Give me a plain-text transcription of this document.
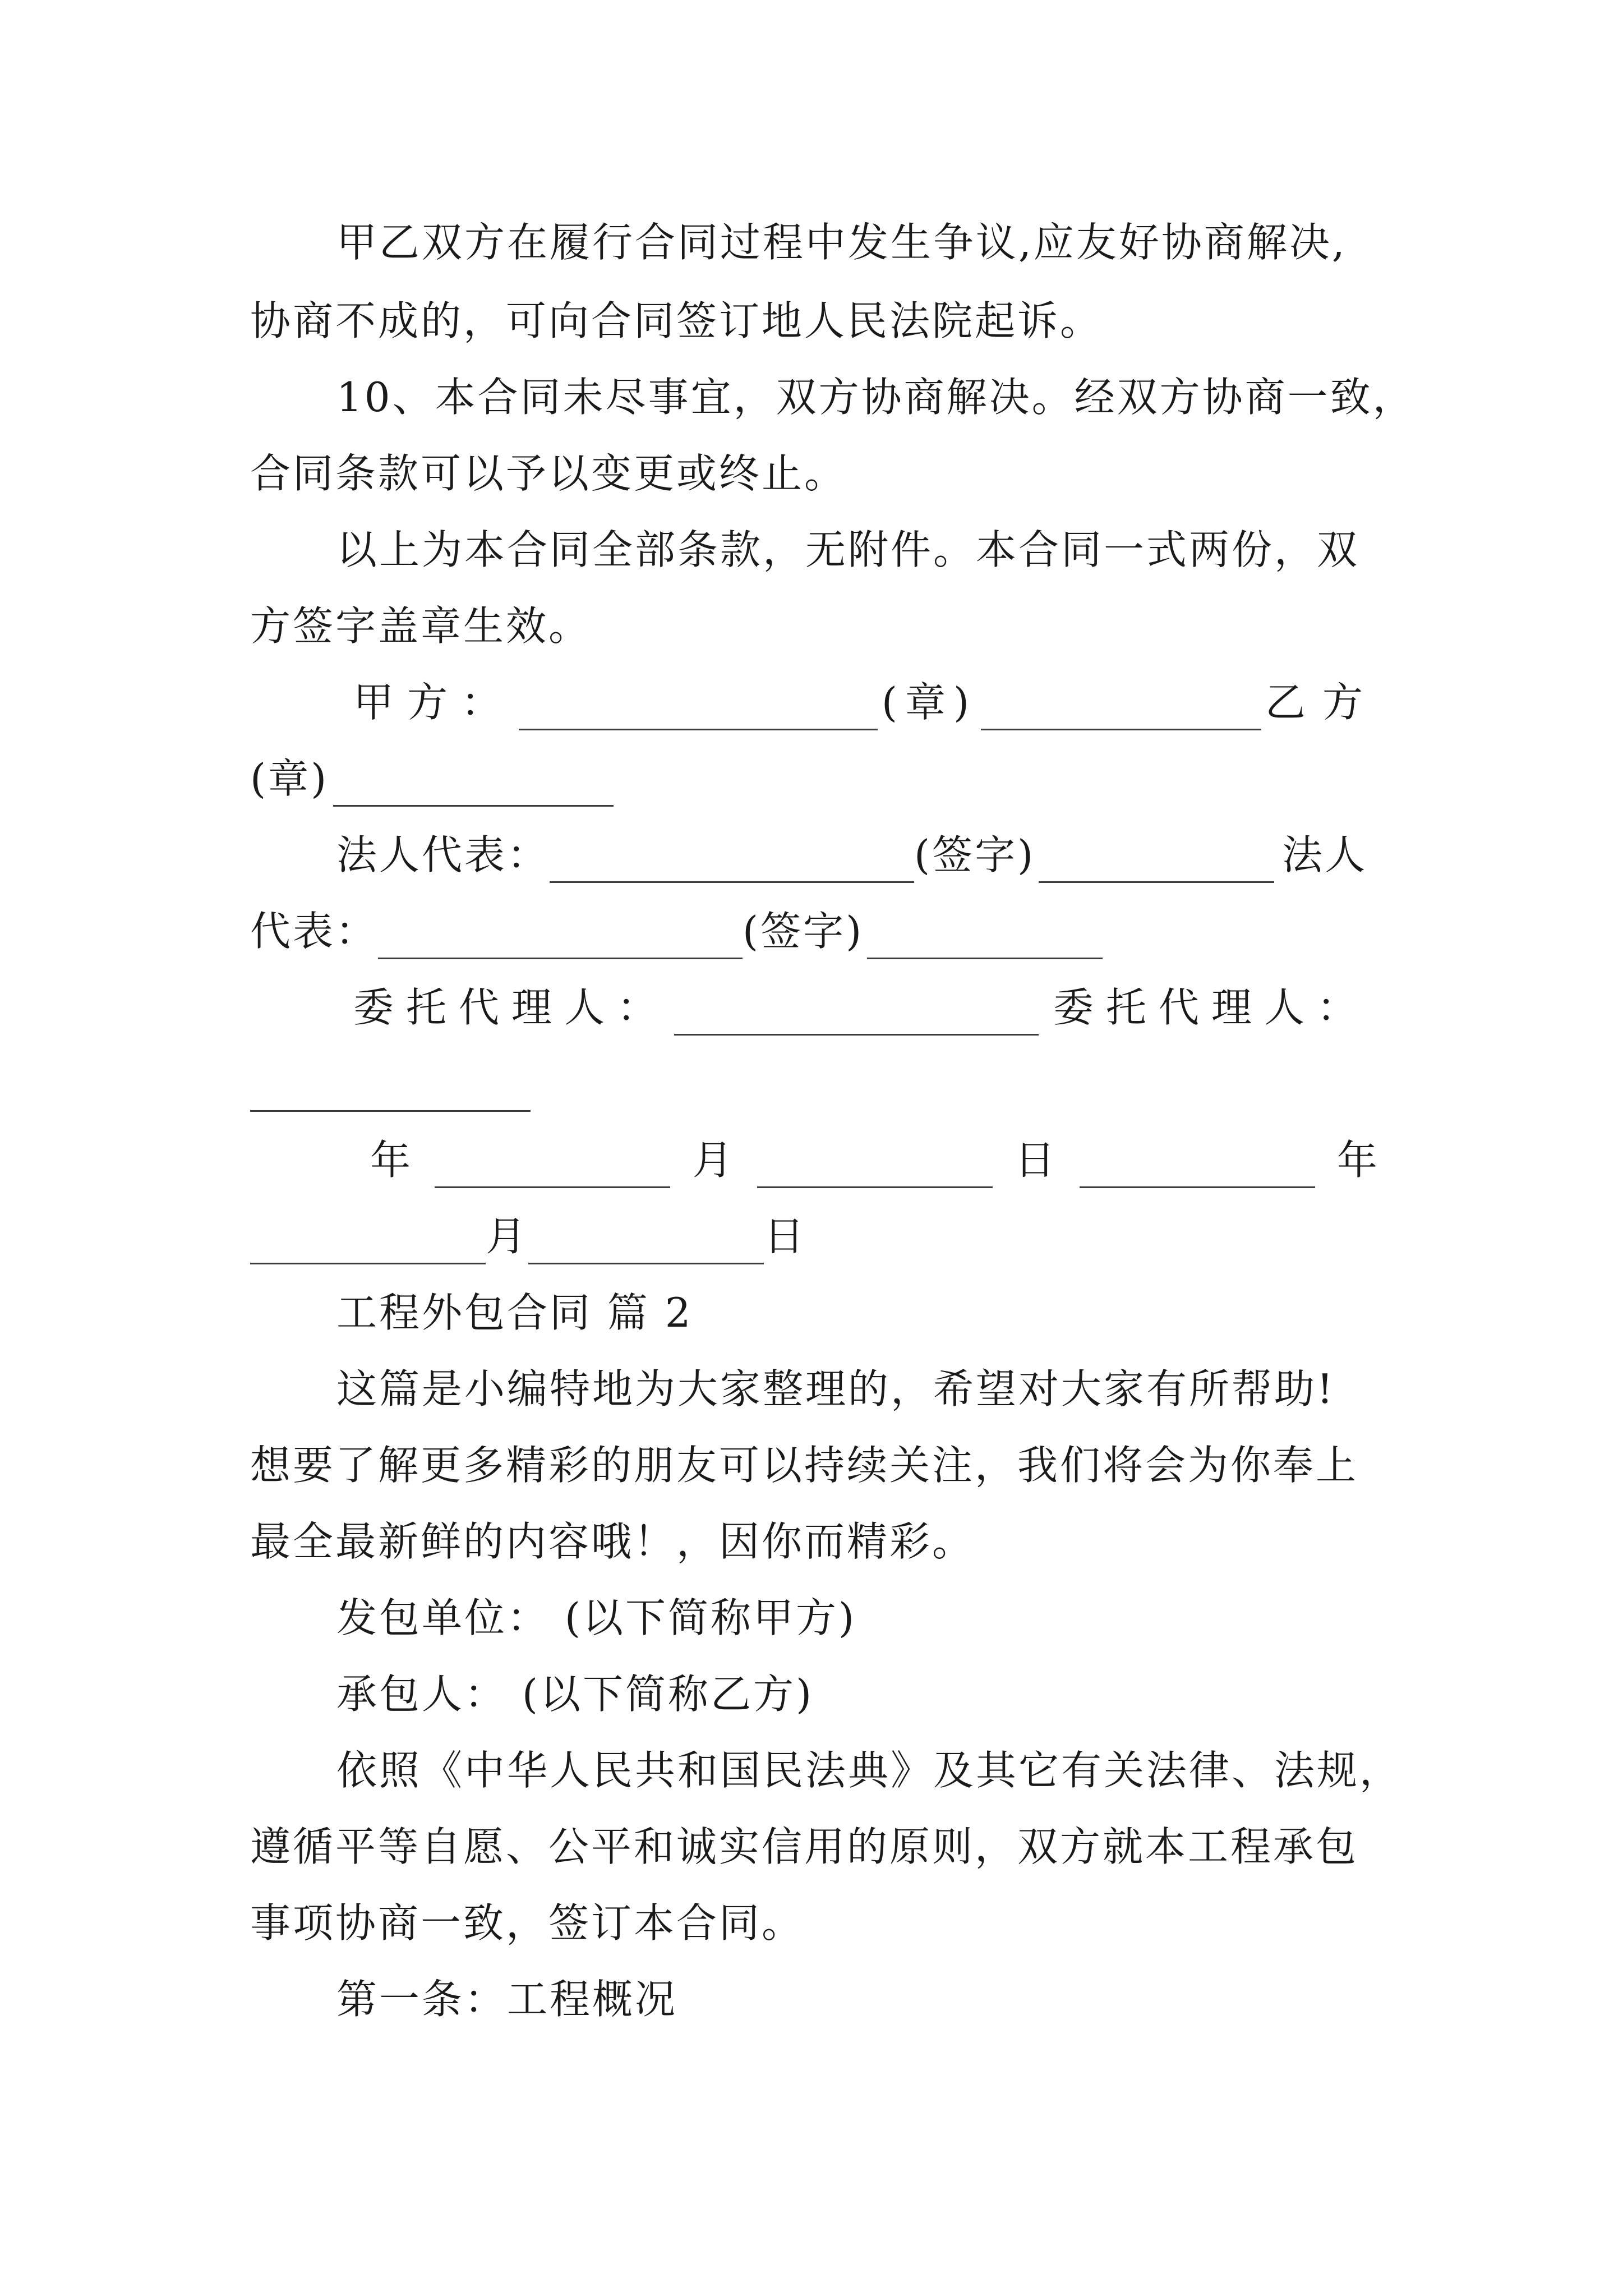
甲乙双方在履行合同过程中发生争议,应友好协商解决,
协商不成的，可向合同签订地人民法院起诉。
10、本合同未尽事宜，双方协商解决。经双方协商一致，
合同条款可以予以变更或终止。
以上为本合同全部条款，无附件。本合同一式两份，双
方签字盖章生效。
甲方：	(章)	乙方
(章)
法人代表：	(签字)	法人
代表：	(签字)
委托代理人：	委托代理人：
年	月	日	年
月	日
工程外包合同 篇 2
这篇是小编特地为大家整理的，希望对大家有所帮助!
想要了解更多精彩的朋友可以持续关注，我们将会为你奉上
最全最新鲜的内容哦！，因你而精彩。
发包单位： (以下简称甲方)
承包人： (以下简称乙方)
依照《中华人民共和国民法典》及其它有关法律、法规，
遵循平等自愿、公平和诚实信用的原则，双方就本工程承包
事项协商一致，签订本合同。
第一条：工程概况
